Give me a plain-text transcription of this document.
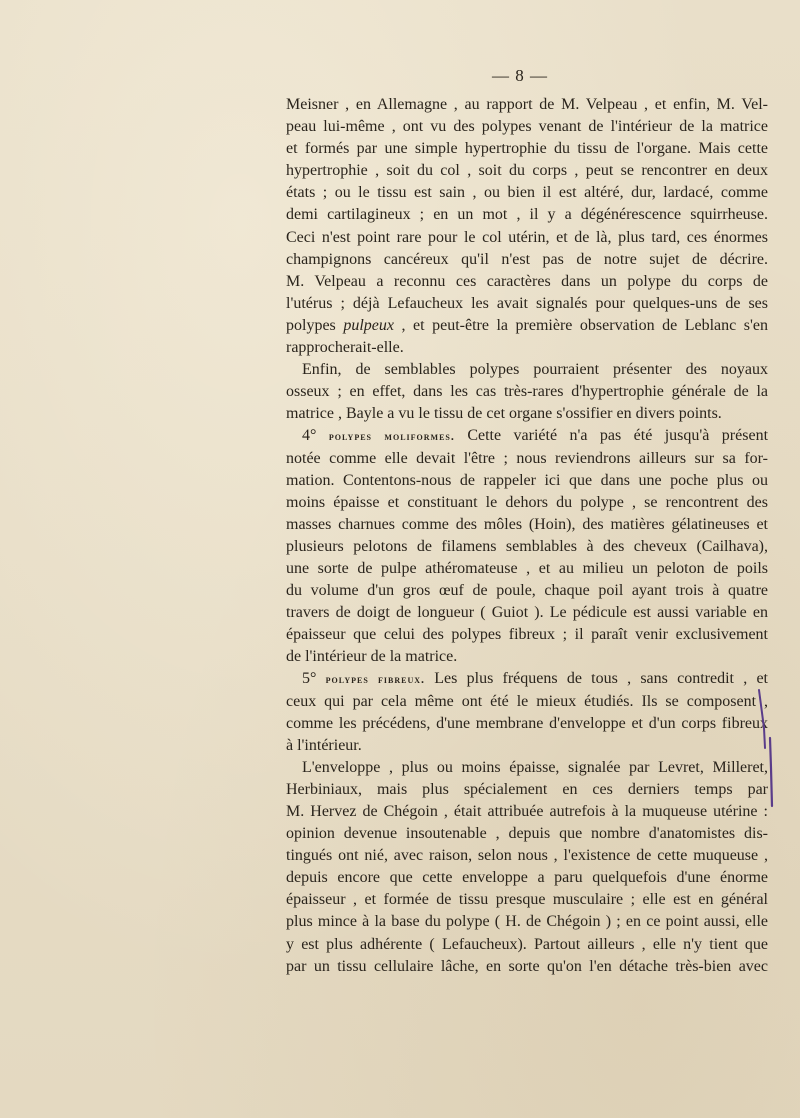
— 8 —
Meisner , en Allemagne , au rapport de M. Velpeau , et enfin, M. Vel-
peau lui-même , ont vu des polypes venant de l'intérieur de la matrice
et formés par une simple hypertrophie du tissu de l'organe. Mais cette
hypertrophie , soit du col , soit du corps , peut se rencontrer en deux
états ; ou le tissu est sain , ou bien il est altéré, dur, lardacé, comme
demi cartilagineux ; en un mot , il y a dégénérescence squirrheuse.
Ceci n'est point rare pour le col utérin, et de là, plus tard, ces énormes
champignons cancéreux qu'il n'est pas de notre sujet de décrire.
M. Velpeau a reconnu ces caractères dans un polype du corps de
l'utérus ; déjà Lefaucheux les avait signalés pour quelques-uns de ses
polypes pulpeux , et peut-être la première observation de Leblanc s'en
rapprocherait-elle.
Enfin, de semblables polypes pourraient présenter des noyaux
osseux ; en effet, dans les cas très-rares d'hypertrophie générale de la
matrice , Bayle a vu le tissu de cet organe s'ossifier en divers points.
4° polypes moliformes. Cette variété n'a pas été jusqu'à présent
notée comme elle devait l'être ; nous reviendrons ailleurs sur sa for-
mation. Contentons-nous de rappeler ici que dans une poche plus ou
moins épaisse et constituant le dehors du polype , se rencontrent des
masses charnues comme des môles (Hoin), des matières gélatineuses et
plusieurs pelotons de filamens semblables à des cheveux (Cailhava),
une sorte de pulpe athéromateuse , et au milieu un peloton de poils
du volume d'un gros œuf de poule, chaque poil ayant trois à quatre
travers de doigt de longueur ( Guiot ). Le pédicule est aussi variable en
épaisseur que celui des polypes fibreux ; il paraît venir exclusivement
de l'intérieur de la matrice.
5° polypes fibreux. Les plus fréquens de tous , sans contredit , et
ceux qui par cela même ont été le mieux étudiés. Ils se composent ,
comme les précédens, d'une membrane d'enveloppe et d'un corps fibreux
à l'intérieur.
L'enveloppe , plus ou moins épaisse, signalée par Levret, Milleret,
Herbiniaux, mais plus spécialement en ces derniers temps par
M. Hervez de Chégoin , était attribuée autrefois à la muqueuse utérine :
opinion devenue insoutenable , depuis que nombre d'anatomistes dis-
tingués ont nié, avec raison, selon nous , l'existence de cette muqueuse ,
depuis encore que cette enveloppe a paru quelquefois d'une énorme
épaisseur , et formée de tissu presque musculaire ; elle est en général
plus mince à la base du polype ( H. de Chégoin ) ; en ce point aussi, elle
y est plus adhérente ( Lefaucheux). Partout ailleurs , elle n'y tient que
par un tissu cellulaire lâche, en sorte qu'on l'en détache très-bien avec
